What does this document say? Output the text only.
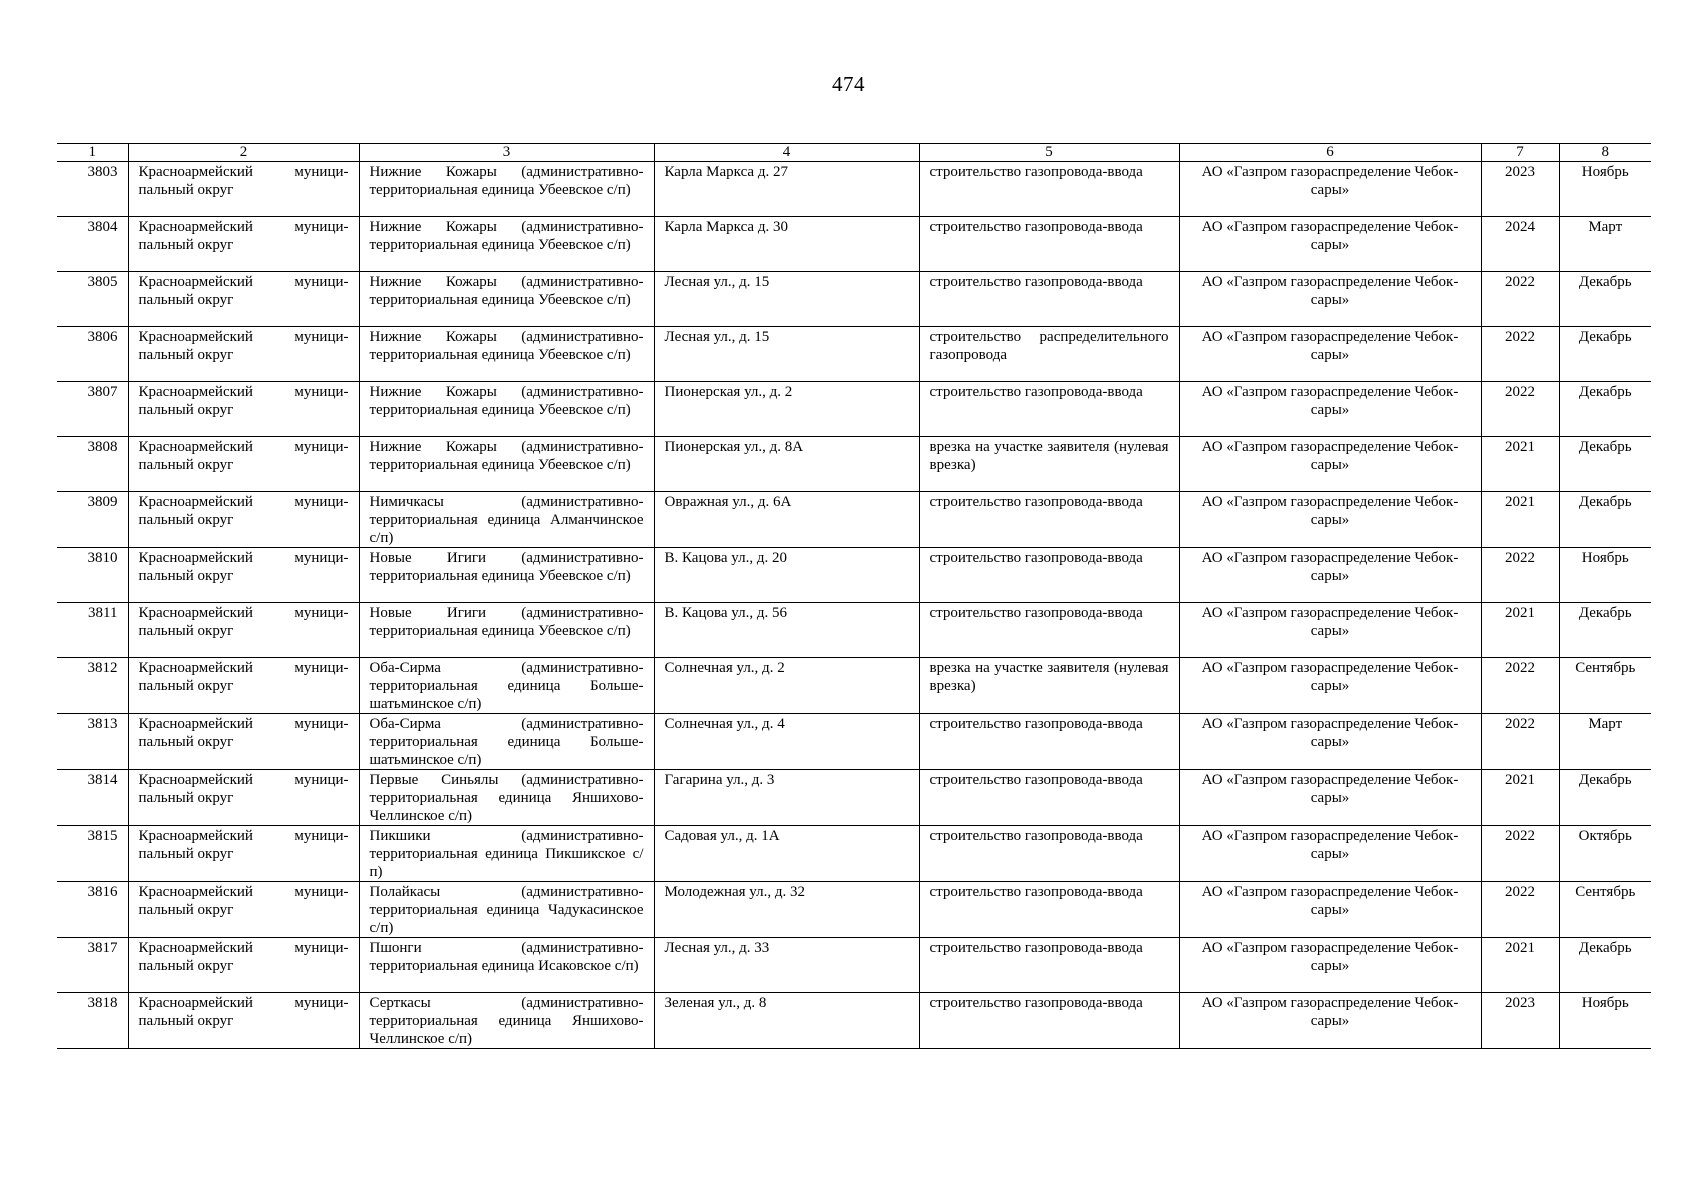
474
1	2	3	4	5	6	7	8
3803	Красноармейский муниципальный округ	Нижние Кожары (административно-территориальная единица Убеевское с/п)	Карла Маркса д. 27	строительство газопровода-ввода	АО «Газпром газораспределение Чебоксары»	2023	Ноябрь
3804	Красноармейский муниципальный округ	Нижние Кожары (административно-территориальная единица Убеевское с/п)	Карла Маркса д. 30	строительство газопровода-ввода	АО «Газпром газораспределение Чебоксары»	2024	Март
3805	Красноармейский муниципальный округ	Нижние Кожары (административно-территориальная единица Убеевское с/п)	Лесная ул., д. 15	строительство газопровода-ввода	АО «Газпром газораспределение Чебоксары»	2022	Декабрь
3806	Красноармейский муниципальный округ	Нижние Кожары (административно-территориальная единица Убеевское с/п)	Лесная ул., д. 15	строительство распределительного газопровода	АО «Газпром газораспределение Чебоксары»	2022	Декабрь
3807	Красноармейский муниципальный округ	Нижние Кожары (административно-территориальная единица Убеевское с/п)	Пионерская ул., д. 2	строительство газопровода-ввода	АО «Газпром газораспределение Чебоксары»	2022	Декабрь
3808	Красноармейский муниципальный округ	Нижние Кожары (административно-территориальная единица Убеевское с/п)	Пионерская ул., д. 8А	врезка на участке заявителя (нулевая врезка)	АО «Газпром газораспределение Чебоксары»	2021	Декабрь
3809	Красноармейский муниципальный округ	Нимичкасы (административно-территориальная единица Алманчинское с/п)	Овражная ул., д. 6А	строительство газопровода-ввода	АО «Газпром газораспределение Чебоксары»	2021	Декабрь
3810	Красноармейский муниципальный округ	Новые Игиги (административно-территориальная единица Убеевское с/п)	В. Кацова ул., д. 20	строительство газопровода-ввода	АО «Газпром газораспределение Чебоксары»	2022	Ноябрь
3811	Красноармейский муниципальный округ	Новые Игиги (административно-территориальная единица Убеевское с/п)	В. Кацова ул., д. 56	строительство газопровода-ввода	АО «Газпром газораспределение Чебоксары»	2021	Декабрь
3812	Красноармейский муниципальный округ	Оба-Сирма (административно-территориальная единица Большешатьминское с/п)	Солнечная ул., д. 2	врезка на участке заявителя (нулевая врезка)	АО «Газпром газораспределение Чебоксары»	2022	Сентябрь
3813	Красноармейский муниципальный округ	Оба-Сирма (административно-территориальная единица Большешатьминское с/п)	Солнечная ул., д. 4	строительство газопровода-ввода	АО «Газпром газораспределение Чебоксары»	2022	Март
3814	Красноармейский муниципальный округ	Первые Синьялы (административно-территориальная единица Яншихово-Челлинское с/п)	Гагарина ул., д. 3	строительство газопровода-ввода	АО «Газпром газораспределение Чебоксары»	2021	Декабрь
3815	Красноармейский муниципальный округ	Пикшики (административно-территориальная единица Пикшикское с/п)	Садовая ул., д. 1А	строительство газопровода-ввода	АО «Газпром газораспределение Чебоксары»	2022	Октябрь
3816	Красноармейский муниципальный округ	Полайкасы (административно-территориальная единица Чадукасинское с/п)	Молодежная ул., д. 32	строительство газопровода-ввода	АО «Газпром газораспределение Чебоксары»	2022	Сентябрь
3817	Красноармейский муниципальный округ	Пшонги (административно-территориальная единица Исаковское с/п)	Лесная ул., д. 33	строительство газопровода-ввода	АО «Газпром газораспределение Чебоксары»	2021	Декабрь
3818	Красноармейский муниципальный округ	Серткасы (административно-территориальная единица Яншихово-Челлинское с/п)	Зеленая ул., д. 8	строительство газопровода-ввода	АО «Газпром газораспределение Чебоксары»	2023	Ноябрь
